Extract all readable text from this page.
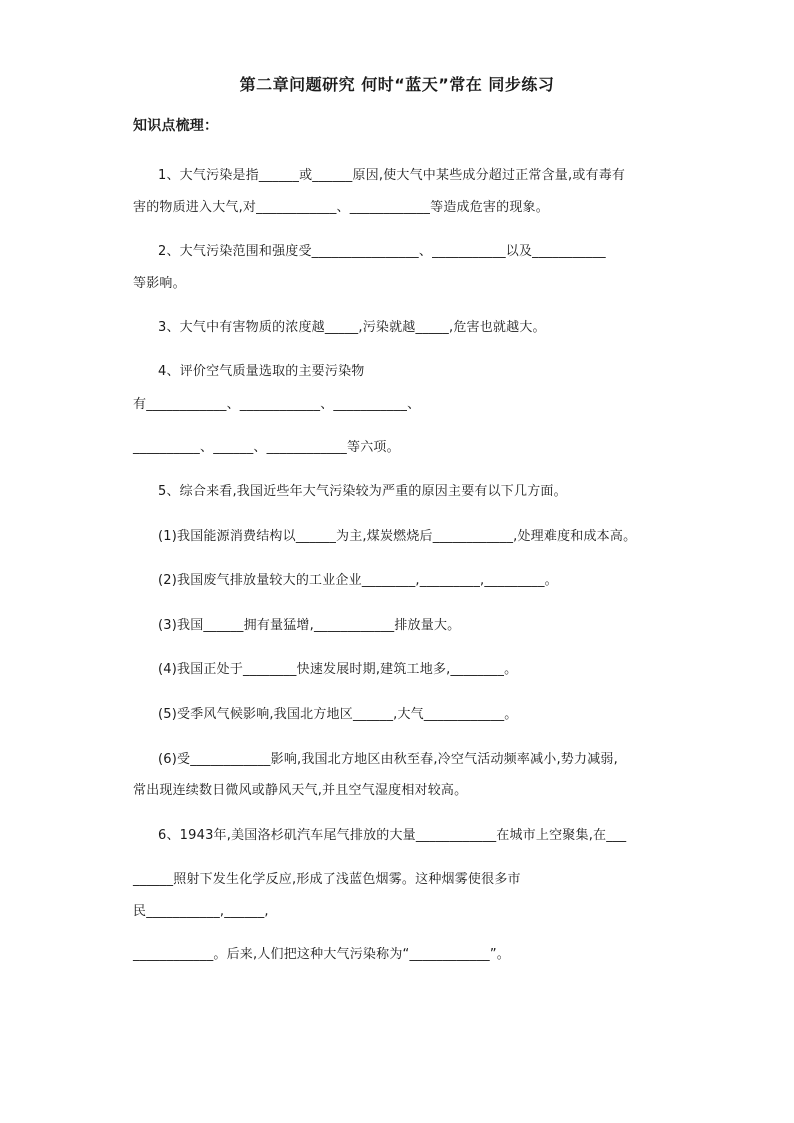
第二章问题研究 何时“蓝天”常在 同步练习
知识点梳理：
1、大气污染是指______或______原因,使大气中某些成分超过正常含量,或有毒有
害的物质进入大气,对____________、____________等造成危害的现象。
2、大气污染范围和强度受________________、___________以及___________
等影响。
3、大气中有害物质的浓度越_____,污染就越_____,危害也就越大。
4、评价空气质量选取的主要污染物
有____________、____________、___________、
__________、______、____________等六项。
5、综合来看,我国近些年大气污染较为严重的原因主要有以下几方面。
(1)我国能源消费结构以______为主,煤炭燃烧后____________,处理难度和成本高。
(2)我国废气排放量较大的工业企业________,_________,_________。
(3)我国______拥有量猛增,____________排放量大。
(4)我国正处于________快速发展时期,建筑工地多,________。
(5)受季风气候影响,我国北方地区______,大气____________。
(6)受____________影响,我国北方地区由秋至春,冷空气活动频率减小,势力减弱,
常出现连续数日微风或静风天气,并且空气湿度相对较高。
6、1943年,美国洛杉矶汽车尾气排放的大量____________在城市上空聚集,在___
______照射下发生化学反应,形成了浅蓝色烟雾。这种烟雾使很多市
民___________,______,
____________。后来,人们把这种大气污染称为“____________”。
